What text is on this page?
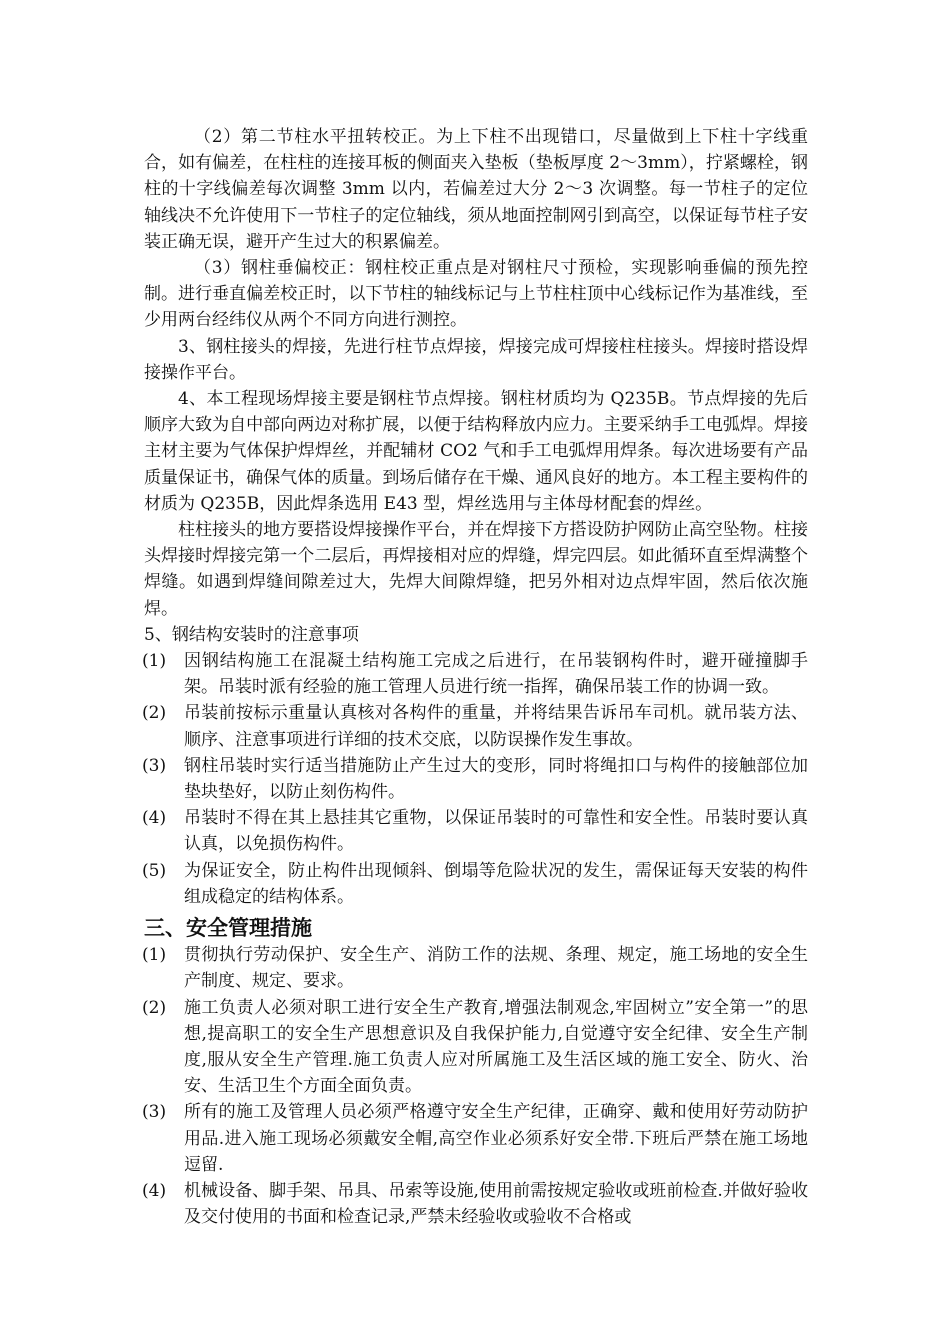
（2）第二节柱水平扭转校正。为上下柱不出现错口，尽量做到上下柱十字线重合，如有偏差，在柱柱的连接耳板的侧面夹入垫板（垫板厚度 2～3mm），拧紧螺栓，钢柱的十字线偏差每次调整 3mm 以内，若偏差过大分 2～3 次调整。每一节柱子的定位轴线决不允许使用下一节柱子的定位轴线，须从地面控制网引到高空，以保证每节柱子安装正确无误，避开产生过大的积累偏差。

（3）钢柱垂偏校正：钢柱校正重点是对钢柱尺寸预检，实现影响垂偏的预先控制。进行垂直偏差校正时，以下节柱的轴线标记与上节柱柱顶中心线标记作为基准线，至少用两台经纬仪从两个不同方向进行测控。

3、钢柱接头的焊接，先进行柱节点焊接，焊接完成可焊接柱柱接头。焊接时搭设焊接操作平台。

4、本工程现场焊接主要是钢柱节点焊接。钢柱材质均为 Q235B。节点焊接的先后顺序大致为自中部向两边对称扩展，以便于结构释放内应力。主要采纳手工电弧焊。焊接主材主要为气体保护焊焊丝，并配辅材 CO2 气和手工电弧焊用焊条。每次进场要有产品质量保证书，确保气体的质量。到场后储存在干燥、通风良好的地方。本工程主要构件的材质为 Q235B，因此焊条选用 E43 型，焊丝选用与主体母材配套的焊丝。

柱柱接头的地方要搭设焊接操作平台，并在焊接下方搭设防护网防止高空坠物。柱接头焊接时焊接完第一个二层后，再焊接相对应的焊缝，焊完四层。如此循环直至焊满整个焊缝。如遇到焊缝间隙差过大，先焊大间隙焊缝，把另外相对边点焊牢固，然后依次施焊。

5、钢结构安装时的注意事项

(1)	因钢结构施工在混凝土结构施工完成之后进行，在吊装钢构件时，避开碰撞脚手架。吊装时派有经验的施工管理人员进行统一指挥，确保吊装工作的协调一致。
(2)	吊装前按标示重量认真核对各构件的重量，并将结果告诉吊车司机。就吊装方法、顺序、注意事项进行详细的技术交底，以防误操作发生事故。
(3)	钢柱吊装时实行适当措施防止产生过大的变形，同时将绳扣口与构件的接触部位加垫块垫好，以防止刻伤构件。
(4)	吊装时不得在其上悬挂其它重物，以保证吊装时的可靠性和安全性。吊装时要认真认真，以免损伤构件。
(5)	为保证安全，防止构件出现倾斜、倒塌等危险状况的发生，需保证每天安装的构件组成稳定的结构体系。
三、安全管理措施
(1)	贯彻执行劳动保护、安全生产、消防工作的法规、条理、规定，施工场地的安全生产制度、规定、要求。
(2)	施工负责人必须对职工进行安全生产教育,增强法制观念,牢固树立”安全第一”的思想,提高职工的安全生产思想意识及自我保护能力,自觉遵守安全纪律、安全生产制度,服从安全生产管理.施工负责人应对所属施工及生活区域的施工安全、防火、治安、生活卫生个方面全面负责。
(3)	所有的施工及管理人员必须严格遵守安全生产纪律，正确穿、戴和使用好劳动防护用品.进入施工现场必须戴安全帽,高空作业必须系好安全带.下班后严禁在施工场地逗留.
(4)	机械设备、脚手架、吊具、吊索等设施,使用前需按规定验收或班前检查.并做好验收及交付使用的书面和检查记录,严禁未经验收或验收不合格或
